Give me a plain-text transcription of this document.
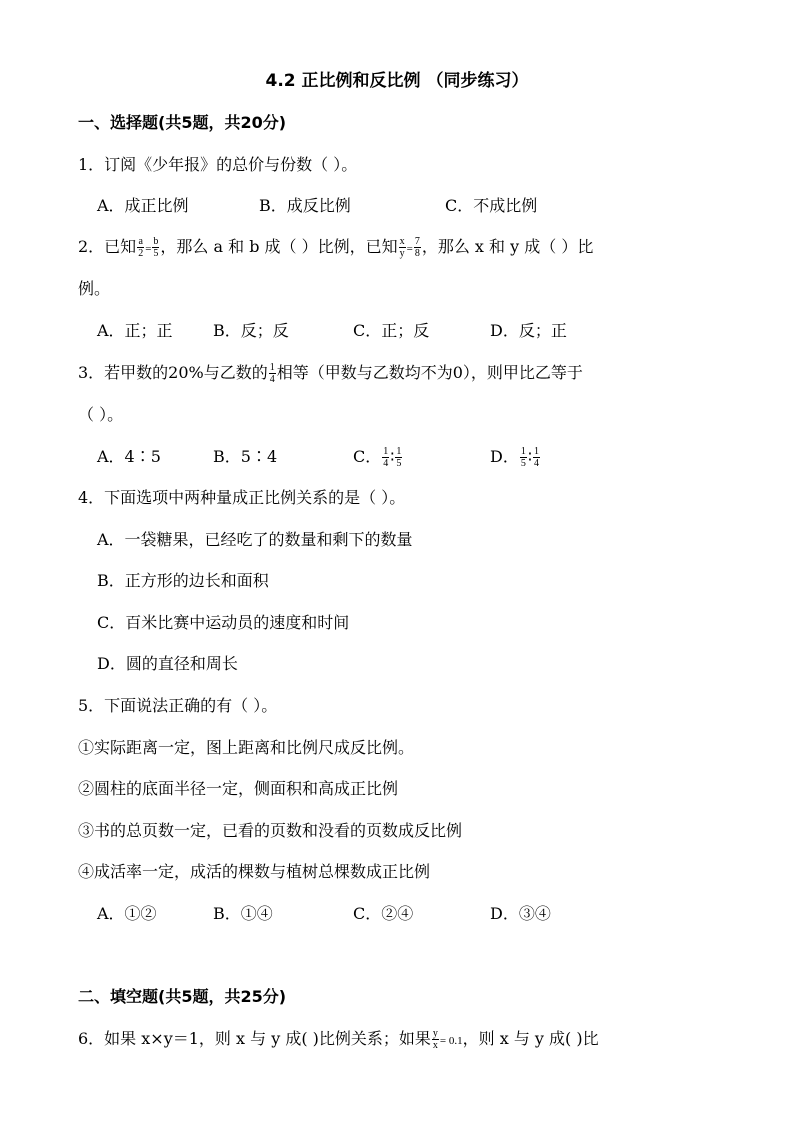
4.2 正比例和反比例 （同步练习）
一、选择题(共5题，共20分)
1．订阅《少年报》的总价与份数（ ）。
A．成正比例	B．成反比例	C．不成比例
2．已知 $\frac{a}{2} = \frac{b}{5}$ ，那么 a 和 b 成（ ）比例，已知 $\frac{x}{y} = \frac{7}{8}$ ，那么 x 和 y 成（ ）比
例。
A．正；正	B．反；反	C．正；反	D．反；正
3．若甲数的20%与乙数的 $\frac{1}{4}$ 相等（甲数与乙数均不为0），则甲比乙等于
（ ）。
A．4∶5	B．5∶4	C． $\frac{1}{4}$ ∶ $\frac{1}{5}$	D． $\frac{1}{5}$ ∶ $\frac{1}{4}$
4．下面选项中两种量成正比例关系的是（ ）。
A．一袋糖果，已经吃了的数量和剩下的数量
B．正方形的边长和面积
C．百米比赛中运动员的速度和时间
D．圆的直径和周长
5．下面说法正确的有（ ）。
①实际距离一定，图上距离和比例尺成反比例。
②圆柱的底面半径一定，侧面积和高成正比例
③书的总页数一定，已看的页数和没看的页数成反比例
④成活率一定，成活的棵数与植树总棵数成正比例
A．①②	B．①④	C．②④	D．③④
二、填空题(共5题，共25分)
6．如果 x×y＝1，则 x 与 y 成( )比例关系；如果 $\frac{y}{x} = 0.1$，则 x 与 y 成( )比
